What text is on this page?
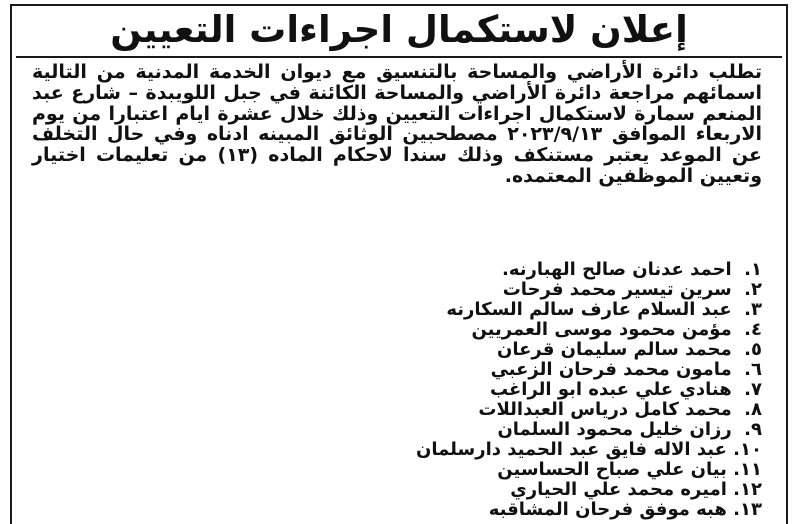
إعلان لاستكمال اجراءات التعيين

تطلب دائرة الأراضي والمساحة بالتنسيق مع ديوان الخدمة المدنية من التالية اسمائهم مراجعة دائرة الأراضي والمساحة الكائنة في جبل اللويبدة – شارع عبد المنعم سمارة لاستكمال اجراءات التعيين وذلك خلال عشرة ايام اعتبارا من يوم الاربعاء الموافق ٢٠٢٣/٩/١٣ مصطحبين الوثائق المبينه ادناه وفي حال التخلف عن الموعد يعتبر مستنكف وذلك سندا لاحكام الماده (١٣) من تعليمات اختيار وتعيين الموظفين المعتمده.

١. احمد عدنان صالح الهبارنه.
٢. سرين تيسير محمد فرحات
٣. عبد السلام عارف سالم السكارنه
٤. مؤمن محمود موسى العمريين
٥. محمد سالم سليمان قرعان
٦. مامون محمد فرحان الزعبي
٧. هنادي علي عبده ابو الراغب
٨. محمد كامل درياس العبداللات
٩. رزان خليل محمود السلمان
١٠. عبد الاله فايق عبد الحميد دارسلمان
١١. بيان علي صباح الحساسين
١٢. اميره محمد علي الحياري
١٣. هبه موفق فرحان المشاقبه
